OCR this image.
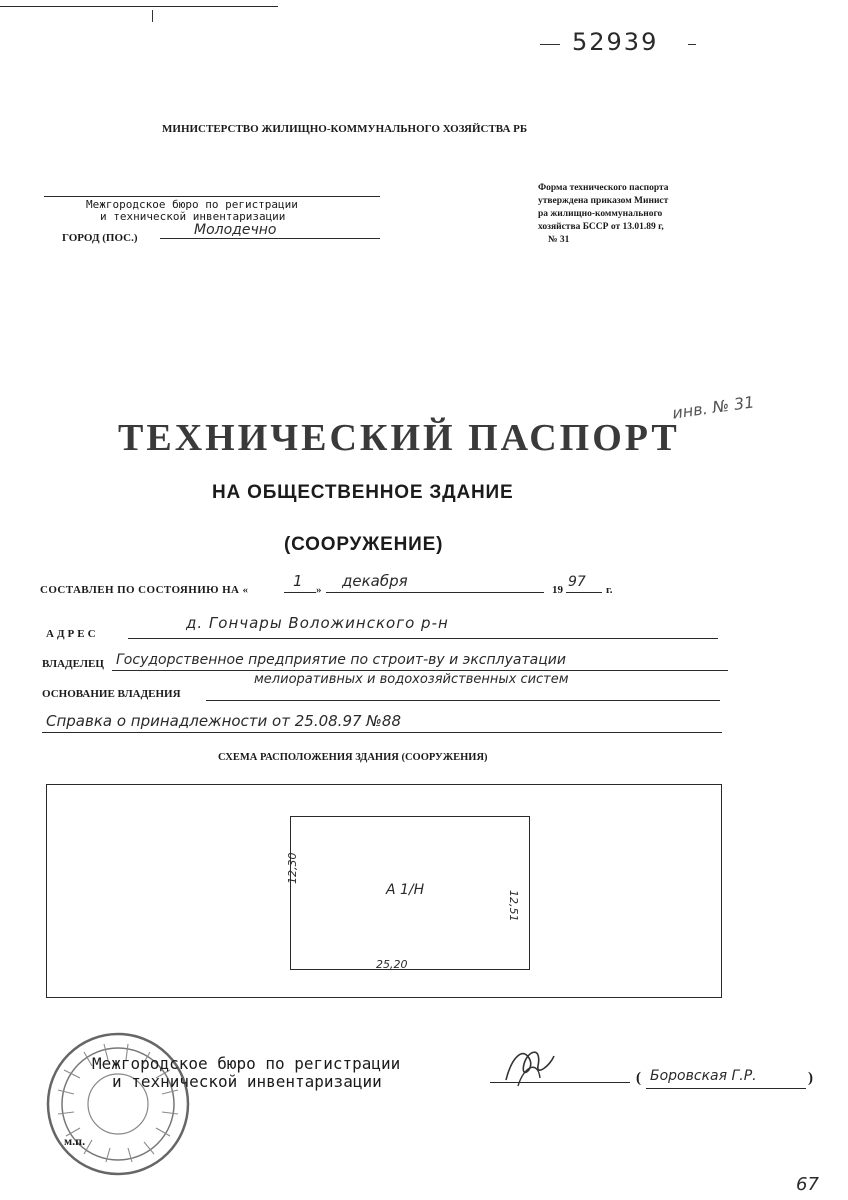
52939
МИНИСТЕРСТВО ЖИЛИЩНО-КОММУНАЛЬНОГО ХОЗЯЙСТВА РБ
Межгородское бюро по регистрации
и технической инвентаризации
ГОРОД (ПОС.)	Молодечно
Форма технического паспорта
утверждена приказом Минист
ра жилищно-коммунального
хозяйства БССР от 13.01.89 г,
№ 31
инв. № 31
ТЕХНИЧЕСКИЙ ПАСПОРТ
НА ОБЩЕСТВЕННОЕ ЗДАНИЕ
(СООРУЖЕНИЕ)
СОСТАВЛЕН ПО СОСТОЯНИЮ НА «	1 » декабря	19 97 г.
АДРЕС
д. Гончары Воложинского р-н
ВЛАДЕЛЕЦ Госудорственное предприятие по строит-ву и эксплуатации
мелиоративных и водохозяйственных систем
ОСНОВАНИЕ ВЛАДЕНИЯ
Справка о принадлежности от 25.08.97 №88
СХЕМА РАСПОЛОЖЕНИЯ ЗДАНИЯ (СООРУЖЕНИЯ)
12,30
12,51
25,20
А 1/Н
Межгородское бюро по регистрации
и технической инвентаризации
м.п.
( Боровская Г.Р.	)
67
